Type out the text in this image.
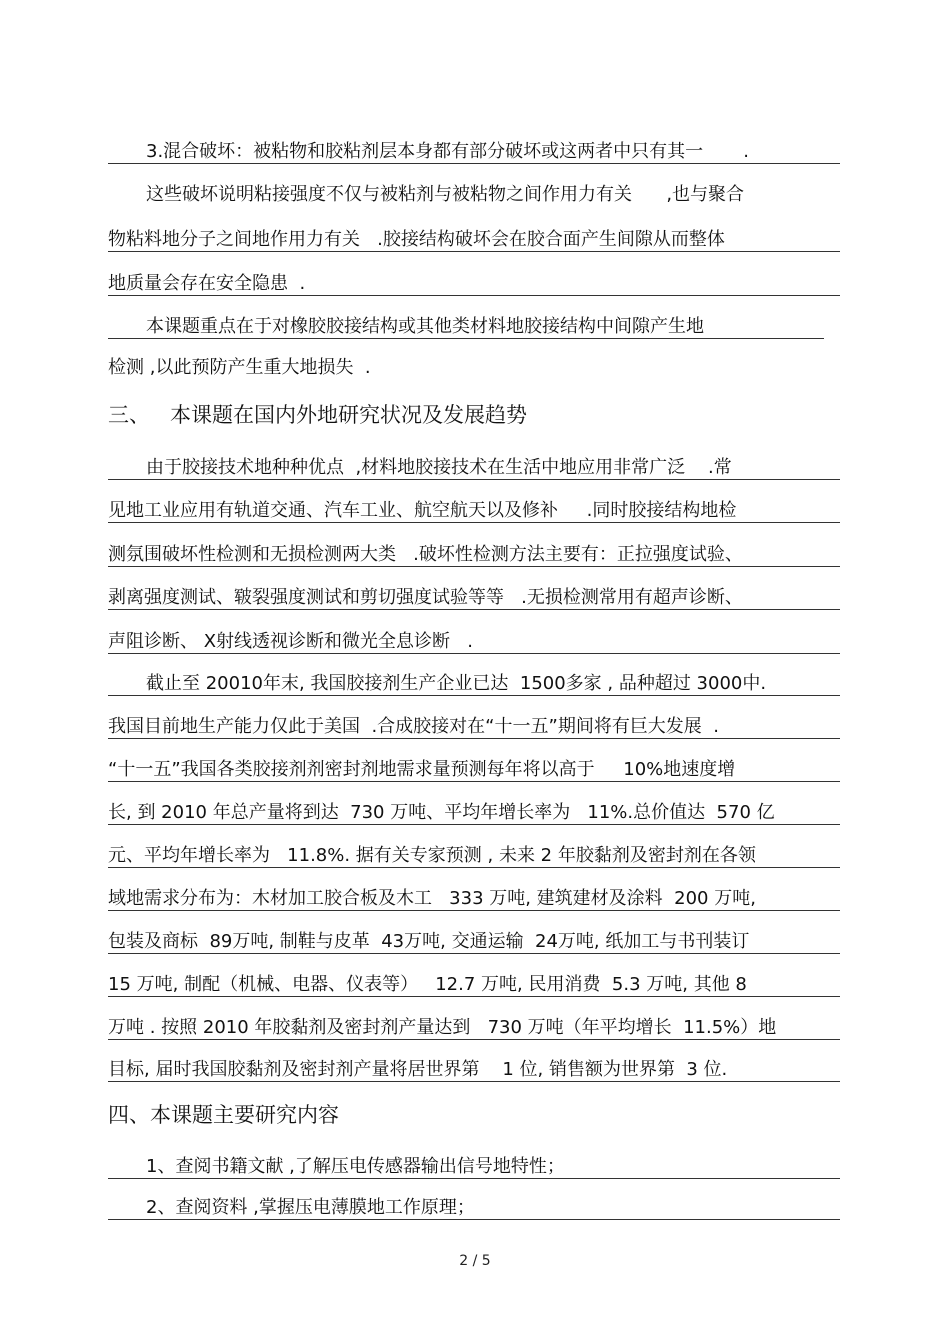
3.混合破坏：被粘物和胶粘剂层本身都有部分破坏或这两者中只有其一       .
这些破坏说明粘接强度不仅与被粘剂与被粘物之间作用力有关      ,也与聚合
物粘料地分子之间地作用力有关   .胶接结构破坏会在胶合面产生间隙从而整体
地质量会存在安全隐患  .
本课题重点在于对橡胶胶接结构或其他类材料地胶接结构中间隙产生地
检测 ,以此预防产生重大地损失  .
三、   本课题在国内外地研究状况及发展趋势
由于胶接技术地种种优点  ,材料地胶接技术在生活中地应用非常广泛    .常
见地工业应用有轨道交通、汽车工业、航空航天以及修补     .同时胶接结构地检
测氛围破坏性检测和无损检测两大类   .破坏性检测方法主要有：正拉强度试验、
剥离强度测试、皲裂强度测试和剪切强度试验等等   .无损检测常用有超声诊断、
声阻诊断、 X射线透视诊断和微光全息诊断   .
截止至 20010年末, 我国胶接剂生产企业已达  1500多家 , 品种超过 3000中.
我国目前地生产能力仅此于美国  .合成胶接对在“十一五”期间将有巨大发展  .
“十一五”我国各类胶接剂剂密封剂地需求量预测每年将以高于     10%地速度增
长, 到 2010 年总产量将到达  730 万吨、平均年增长率为   11%.总价值达  570 亿
元、平均年增长率为   11.8%. 据有关专家预测 , 未来 2 年胶黏剂及密封剂在各领
域地需求分布为：木材加工胶合板及木工   333 万吨, 建筑建材及涂料  200 万吨,
包装及商标  89万吨, 制鞋与皮革  43万吨, 交通运输  24万吨, 纸加工与书刊装订
15 万吨, 制配（机械、电器、仪表等）   12.7 万吨, 民用消费  5.3 万吨, 其他 8
万吨 . 按照 2010 年胶黏剂及密封剂产量达到   730 万吨（年平均增长  11.5%）地
目标, 届时我国胶黏剂及密封剂产量将居世界第    1 位, 销售额为世界第  3 位.
四、本课题主要研究内容
1、查阅书籍文献 ,了解压电传感器输出信号地特性；
2、查阅资料 ,掌握压电薄膜地工作原理；
2 / 5
